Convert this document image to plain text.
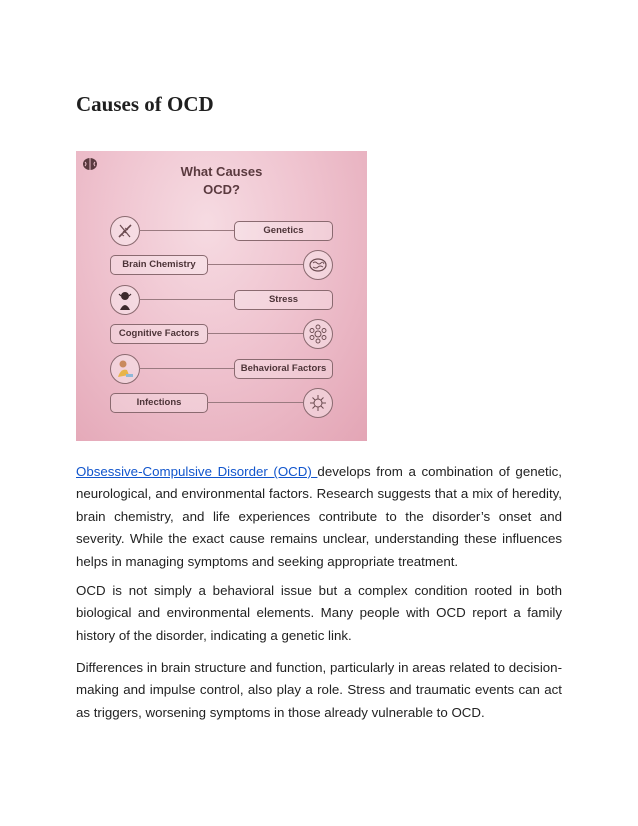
Causes of OCD
What Causes
OCD?
Genetics
Brain Chemistry
Stress
Cognitive Factors
Behavioral Factors
Infections

Obsessive-Compulsive Disorder (OCD) develops from a combination of genetic, neurological, and environmental factors. Research suggests that a mix of heredity, brain chemistry, and life experiences contribute to the disorder’s onset and severity. While the exact cause remains unclear, understanding these influences helps in managing symptoms and seeking appropriate treatment.

OCD is not simply a behavioral issue but a complex condition rooted in both biological and environmental elements. Many people with OCD report a family history of the disorder, indicating a genetic link.

Differences in brain structure and function, particularly in areas related to decision-making and impulse control, also play a role. Stress and traumatic events can act as triggers, worsening symptoms in those already vulnerable to OCD.
